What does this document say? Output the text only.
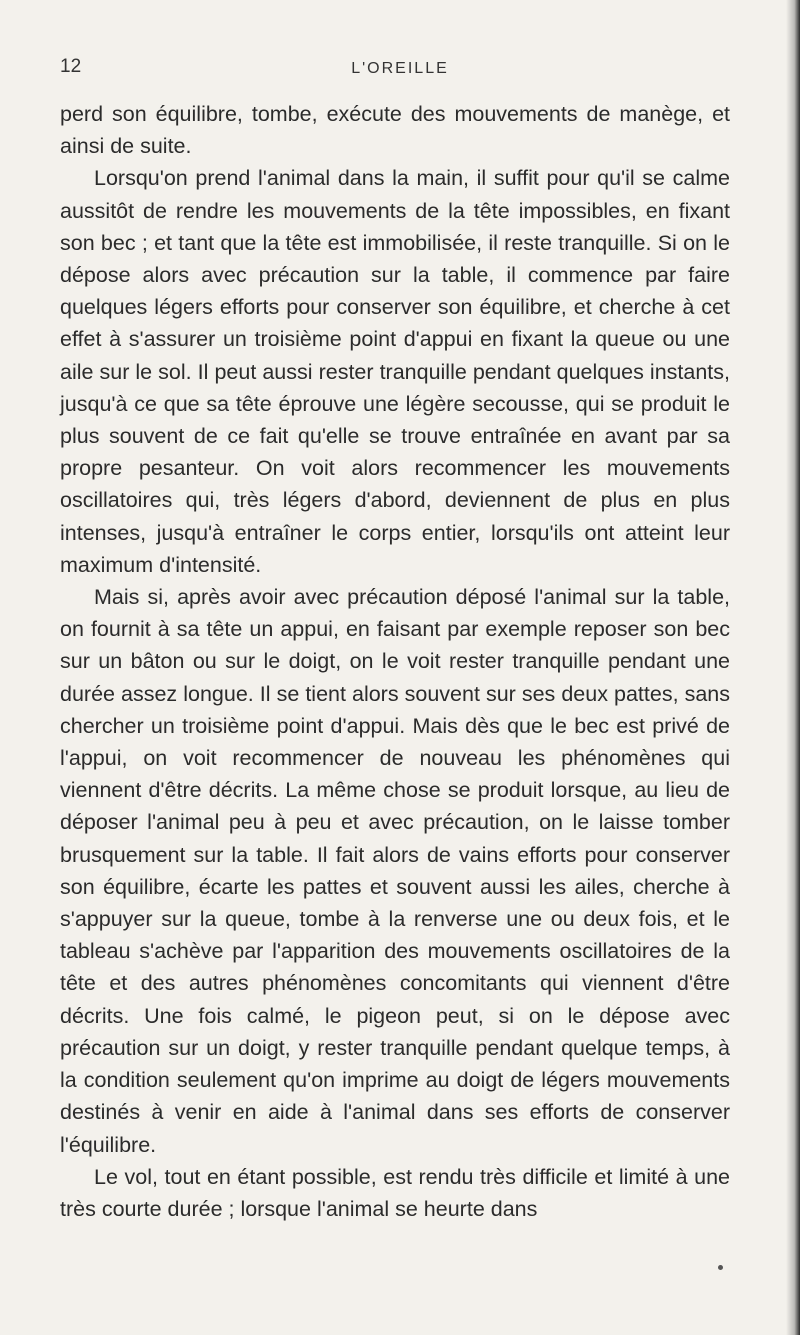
12	L'OREILLE

perd son équilibre, tombe, exécute des mouvements de manège, et ainsi de suite.

Lorsqu'on prend l'animal dans la main, il suffit pour qu'il se calme aussitôt de rendre les mouvements de la tête impossibles, en fixant son bec ; et tant que la tête est immobilisée, il reste tranquille. Si on le dépose alors avec précaution sur la table, il commence par faire quelques légers efforts pour conserver son équilibre, et cherche à cet effet à s'assurer un troisième point d'appui en fixant la queue ou une aile sur le sol. Il peut aussi rester tranquille pendant quelques instants, jusqu'à ce que sa tête éprouve une légère secousse, qui se produit le plus souvent de ce fait qu'elle se trouve entraînée en avant par sa propre pesanteur. On voit alors recommencer les mouvements oscillatoires qui, très légers d'abord, deviennent de plus en plus intenses, jusqu'à entraîner le corps entier, lorsqu'ils ont atteint leur maximum d'intensité.

Mais si, après avoir avec précaution déposé l'animal sur la table, on fournit à sa tête un appui, en faisant par exemple reposer son bec sur un bâton ou sur le doigt, on le voit rester tranquille pendant une durée assez longue. Il se tient alors souvent sur ses deux pattes, sans chercher un troisième point d'appui. Mais dès que le bec est privé de l'appui, on voit recommencer de nouveau les phénomènes qui viennent d'être décrits. La même chose se produit lorsque, au lieu de déposer l'animal peu à peu et avec précaution, on le laisse tomber brusquement sur la table. Il fait alors de vains efforts pour conserver son équilibre, écarte les pattes et souvent aussi les ailes, cherche à s'appuyer sur la queue, tombe à la renverse une ou deux fois, et le tableau s'achève par l'apparition des mouvements oscillatoires de la tête et des autres phénomènes concomitants qui viennent d'être décrits. Une fois calmé, le pigeon peut, si on le dépose avec précaution sur un doigt, y rester tranquille pendant quelque temps, à la condition seulement qu'on imprime au doigt de légers mouvements destinés à venir en aide à l'animal dans ses efforts de conserver l'équilibre.

Le vol, tout en étant possible, est rendu très difficile et limité à une très courte durée ; lorsque l'animal se heurte dans
